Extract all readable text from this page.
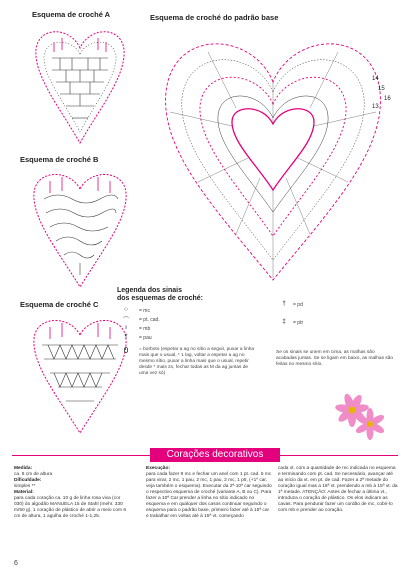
Esquema de croché A	Esquema de croché do padrão base
Esquema de croché B
Esquema de croché C
14
15
16
13
Legenda dos sinais
dos esquemas de croché:
○	= mc
⌒	= pt. cad.
ı	= mb
†	= pau
0	= borboto (espetar a ag no sítio a seguir, puxar a linha mais que o usual, * 1 lag, voltar a espetar a ag no mesmo sítio, puxar a linha mais que o usual, repetir desde * mais 2x, fechar todas as M da ag juntas de uma vez só)
†	= pd
‡	= ptr
Se os sinais se unem em cima, as malhas são acabadas juntas. Se se ligam em baixo, as malhas são feitas no mesmo sítio.
Corações decorativos
Medida:
ca. 8 cm de altura
Dificuldade:
simples **
Material:
para cada coração ca. 10 g de linha rosa viva (cor 030) do algodão MANUELA 15 de Stahl (mehr. 330 m/50 g), 1 coração de plástico de abrir a meio com 6 cm de altura, 1 agulha de croché 1-1,25.
Execução:
para cada fazer 9 mc e fechar um anel com 1 pt. cad. 5 mc para virar, 2 mc, 1 pau, 2 mc, 1 pau, 2 mc, 1 ptr, (+1º car, veja também o esquema). Executar da 2ª-10ª car seguindo o respectivo esquema de croché (variante A, B ou C). Para fazer a 10ª Car prender a linha no sítio indicado no esquema e em qualquer dos casos continuar seguindo o esquema para o padrão base, primeiro fazer até à 15ª car e trabalhar em voltas até à 15ª vt. começando
cada vt. com a quantidade de mc indicada no esquema e terminando com pt. cad. Se necessário, avançar até ao início da vt. em pt. de cad. Fazer a 2ª metade do coração igual mas a 16ª vt. prendendo a mb à 15ª vt. da 1ª metade. ATENÇÃO: Antes de fechar a última vt., introduza o coração de plástico. Os elos indicam as cavas. Para pendurar fazer um cordão de mc, cobri-lo com mb e prender ao coração.
6
